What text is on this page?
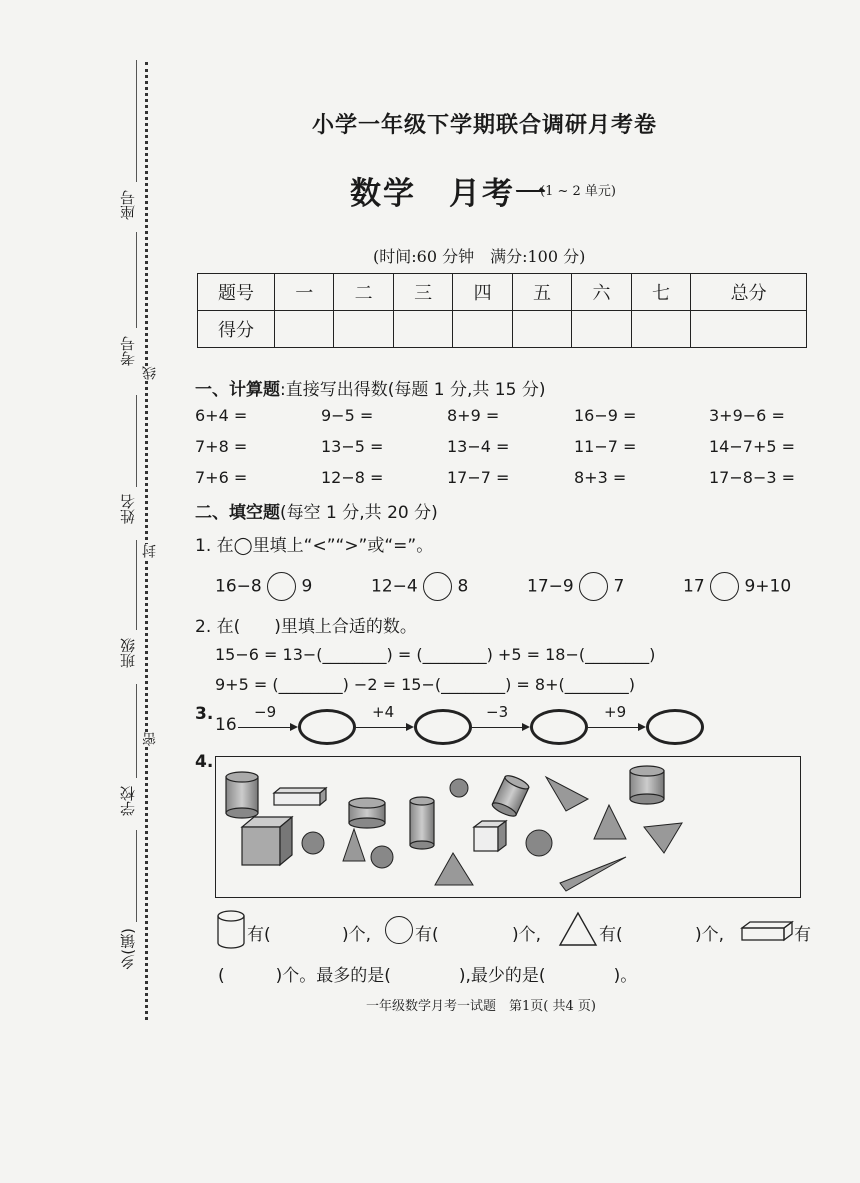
座号
考号
姓名
班级
学校
乡(镇)
线
封
密
小学一年级下学期联合调研月考卷
数学　月考一
(1 ~ 2 单元)
(时间:60 分钟　满分:100 分)
题号	一	二	三	四	五	六	七	总分
得分								
一、计算题:直接写出得数(每题 1 分,共 15 分)
6+4 =	9−5 =	8+9 =	16−9 =	3+9−6 =
7+8 =	13−5 =	13−4 =	11−7 =	14−7+5 =
7+6 =	12−8 =	17−7 =	8+3 =	17−8−3 =
二、填空题(每空 1 分,共 20 分)
1. 在◯里填上“<”“>”或“=”。
16−8 9	12−4 8	17−9 7	17 9+10
2. 在(　　)里填上合适的数。
15−6 = 13−(________) = (________) +5 = 18−(________)
9+5 = (________) −2 = 15−(________) = 8+(________)
3.
16
−9	+4	−3	+9
4.
有(	)个,	有(	)个,	有(	)个,	有
(　　　)个。最多的是(　　　　),最少的是(　　　　)。
一年级数学月考一试题　第1页( 共4 页)
